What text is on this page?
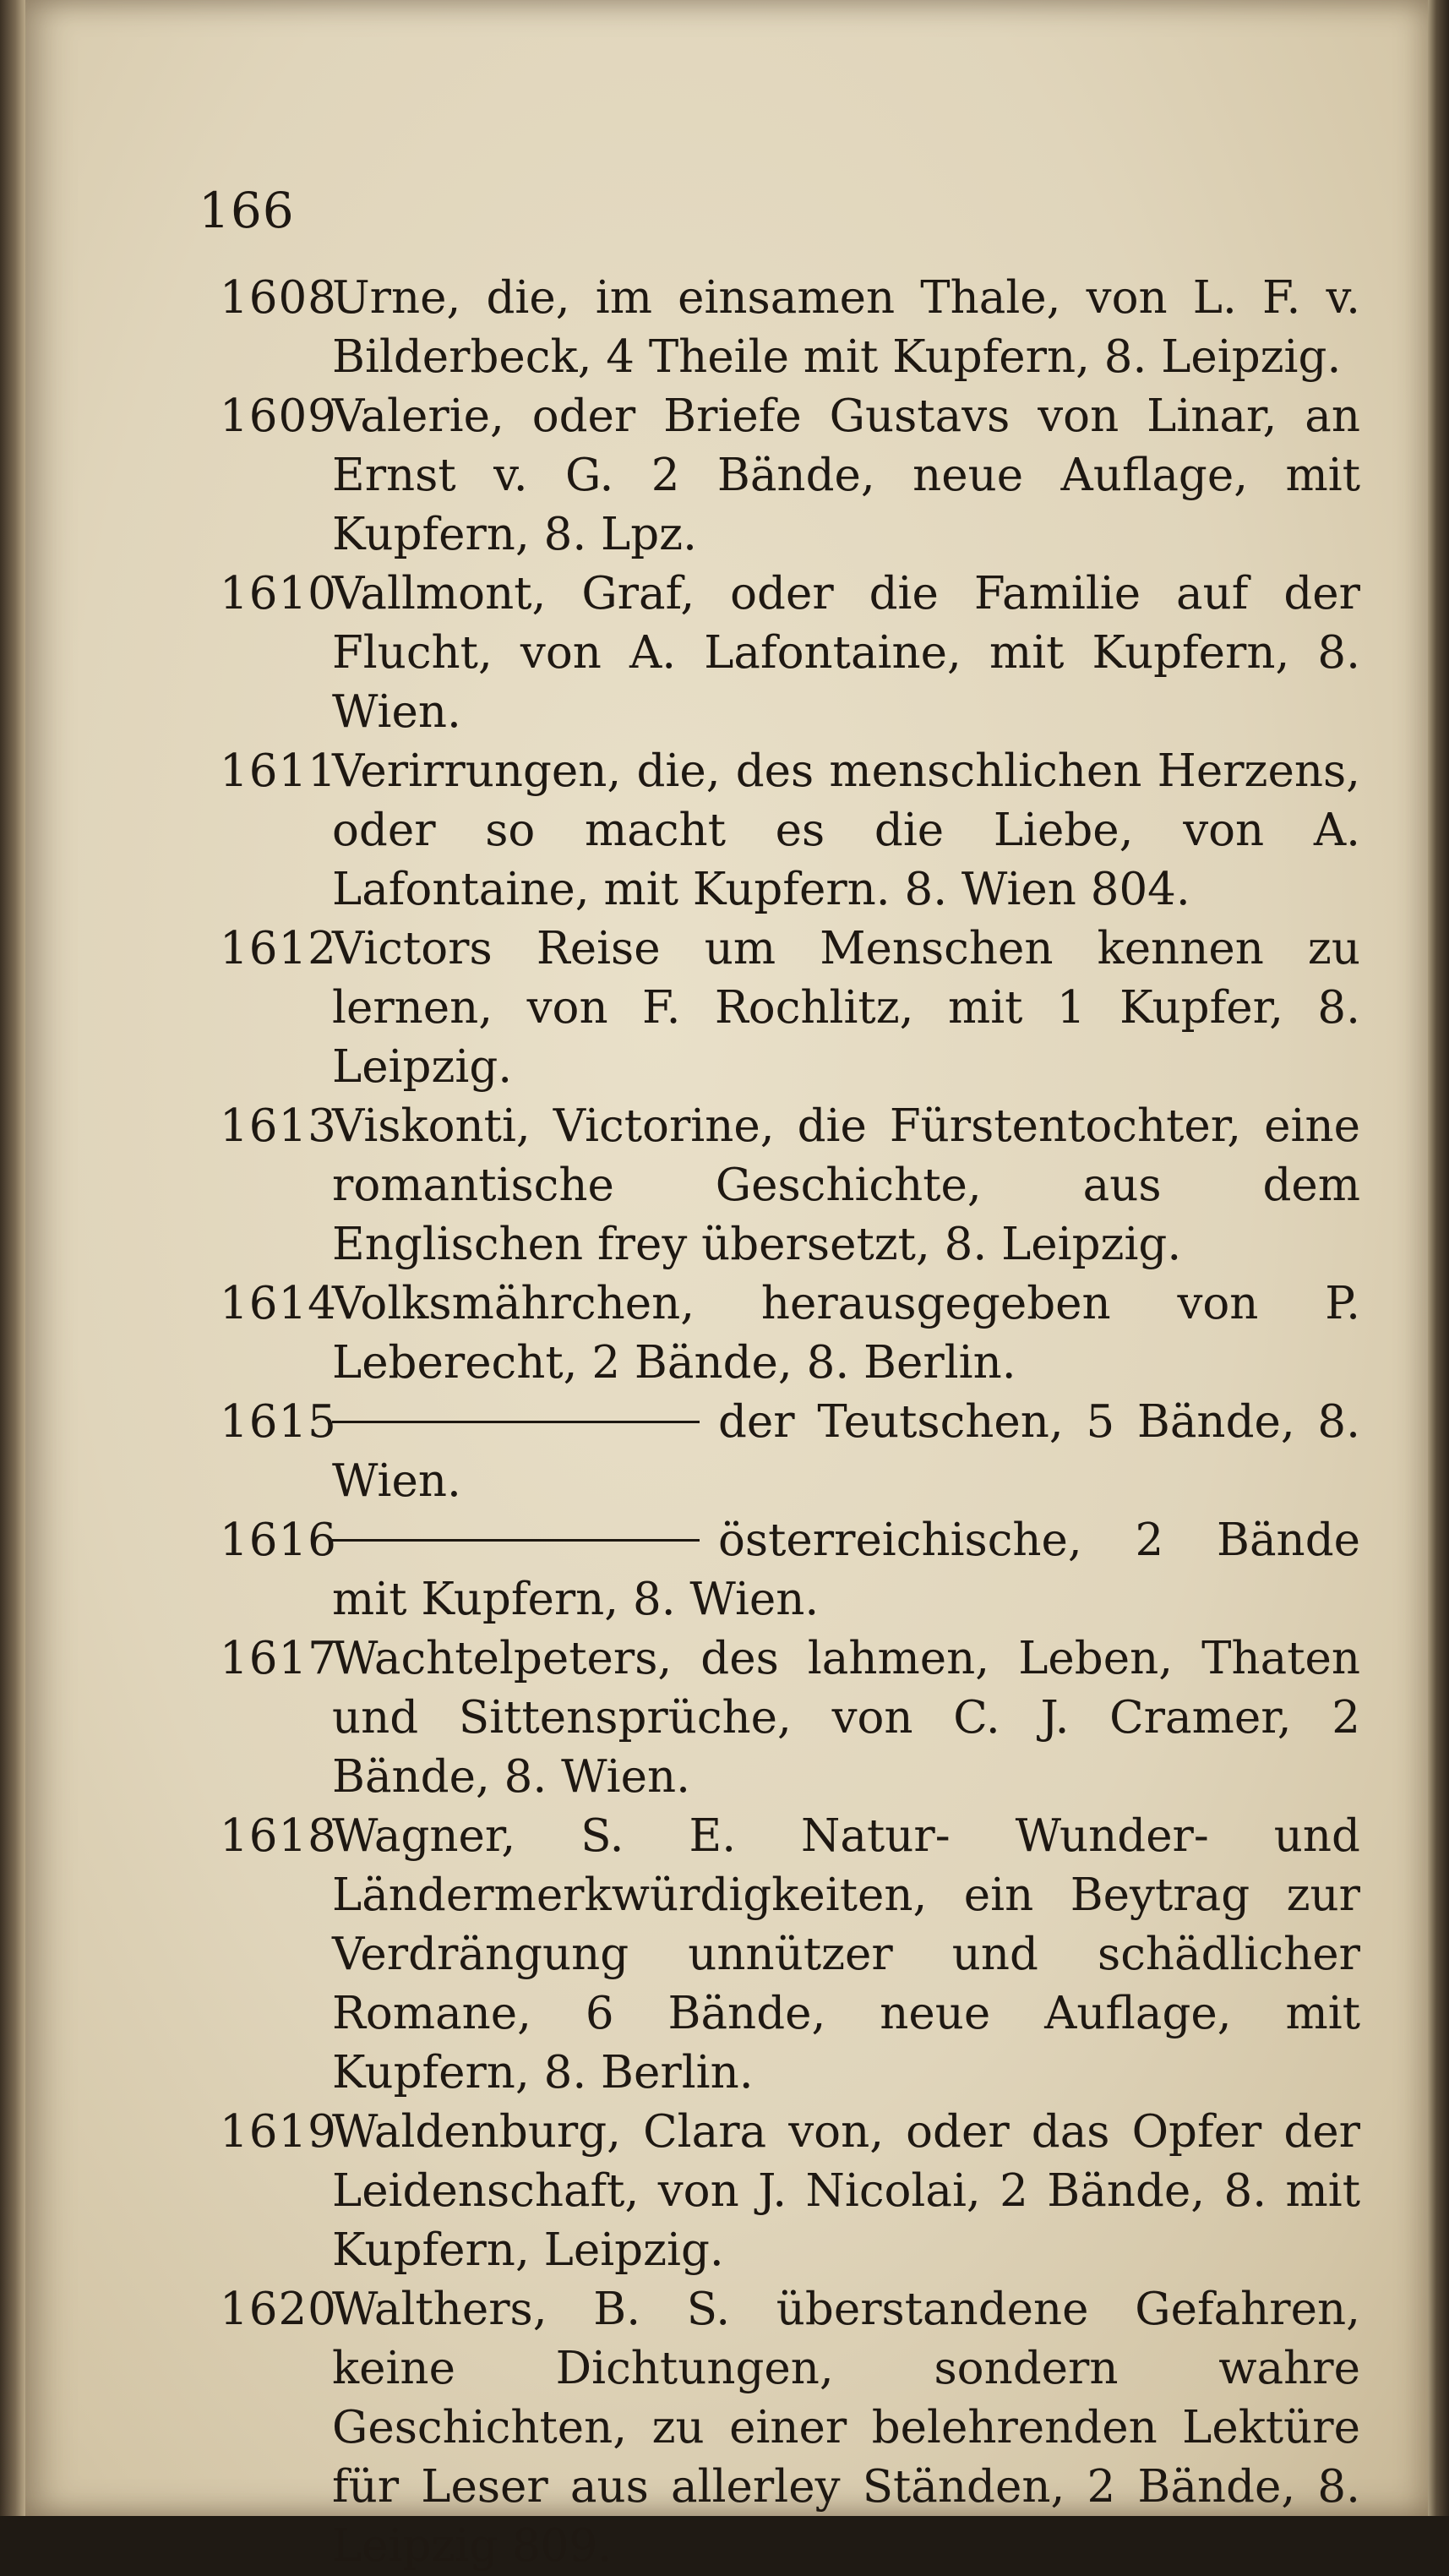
166
1608
Urne, die, im einsamen Thale, von L. F. v. Bilderbeck, 4 Theile mit Kupfern, 8. Leipzig.
1609
Valerie, oder Briefe Gustavs von Linar, an Ernst v. G. 2 Bände, neue Auflage, mit Kupfern, 8. Lpz.
1610
Vallmont, Graf, oder die Familie auf der Flucht, von A. Lafontaine, mit Kupfern, 8. Wien.
1611
Verirrungen, die, des menschlichen Herzens, oder so macht es die Liebe, von A. Lafontaine, mit Kupfern. 8. Wien 804.
1612
Victors Reise um Menschen kennen zu lernen, von F. Rochlitz, mit 1 Kupfer, 8. Leipzig.
1613
Viskonti, Victorine, die Fürstentochter, eine romantische Geschichte, aus dem Englischen frey übersetzt, 8. Leipzig.
1614
Volksmährchen, herausgegeben von P. Leberecht, 2 Bände, 8. Berlin.
1615	der Teutschen, 5 Bände, 8. Wien.
1616	österreichische, 2 Bände mit Kupfern, 8. Wien.
1617
Wachtelpeters, des lahmen, Leben, Thaten und Sittensprüche, von C. J. Cramer, 2 Bände, 8. Wien.
1618
Wagner, S. E. Natur- Wunder- und Ländermerkwürdigkeiten, ein Beytrag zur Verdrängung unnützer und schädlicher Romane, 6 Bände, neue Auflage, mit Kupfern, 8. Berlin.
1619
Waldenburg, Clara von, oder das Opfer der Leidenschaft, von J. Nicolai, 2 Bände, 8. mit Kupfern, Leipzig.
1620
Walthers, B. S. überstandene Gefahren, keine Dichtungen, sondern wahre Geschichten, zu einer belehrenden Lektüre für Leser aus allerley Ständen, 2 Bände, 8. Leipzig 809.
